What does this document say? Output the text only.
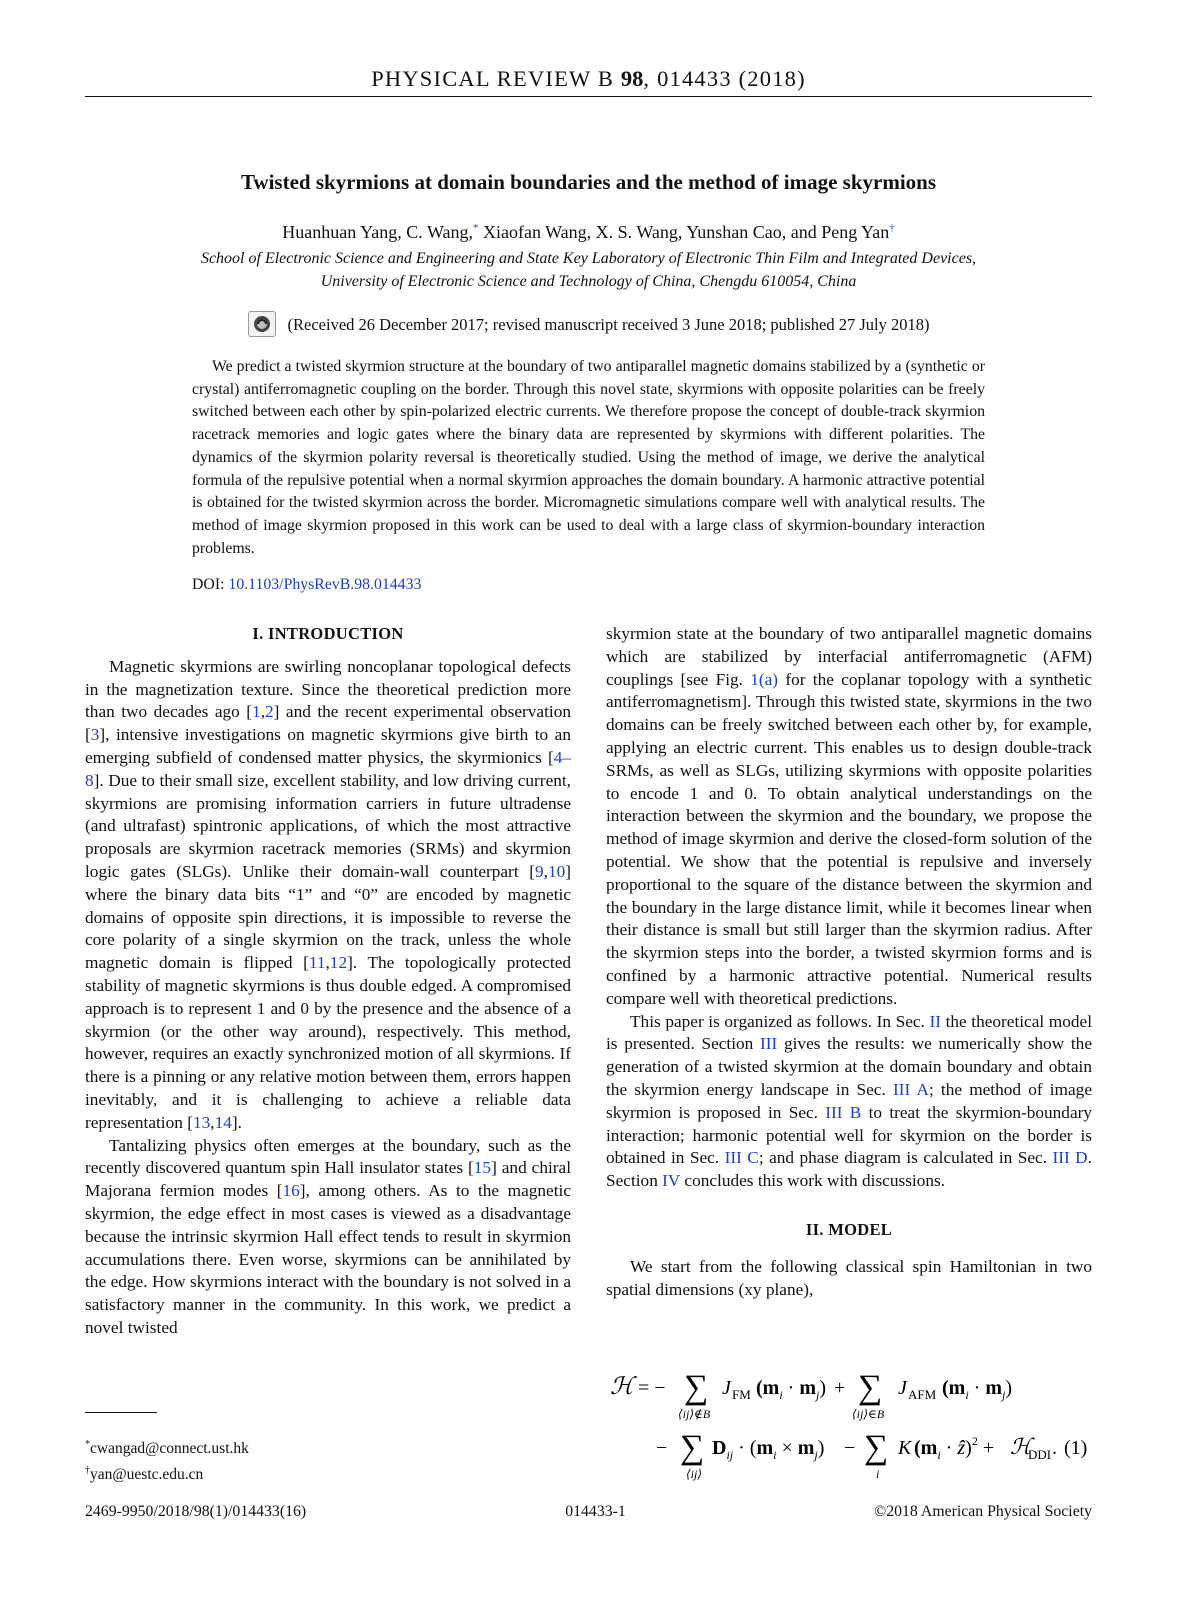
PHYSICAL REVIEW B 98, 014433 (2018)
Twisted skyrmions at domain boundaries and the method of image skyrmions
Huanhuan Yang, C. Wang,* Xiaofan Wang, X. S. Wang, Yunshan Cao, and Peng Yan†
School of Electronic Science and Engineering and State Key Laboratory of Electronic Thin Film and Integrated Devices,
University of Electronic Science and Technology of China, Chengdu 610054, China
(Received 26 December 2017; revised manuscript received 3 June 2018; published 27 July 2018)
We predict a twisted skyrmion structure at the boundary of two antiparallel magnetic domains stabilized by a (synthetic or crystal) antiferromagnetic coupling on the border. Through this novel state, skyrmions with opposite polarities can be freely switched between each other by spin-polarized electric currents. We therefore propose the concept of double-track skyrmion racetrack memories and logic gates where the binary data are represented by skyrmions with different polarities. The dynamics of the skyrmion polarity reversal is theoretically studied. Using the method of image, we derive the analytical formula of the repulsive potential when a normal skyrmion approaches the domain boundary. A harmonic attractive potential is obtained for the twisted skyrmion across the border. Micromagnetic simulations compare well with analytical results. The method of image skyrmion proposed in this work can be used to deal with a large class of skyrmion-boundary interaction problems.
DOI: 10.1103/PhysRevB.98.014433
I. INTRODUCTION

Magnetic skyrmions are swirling noncoplanar topological defects in the magnetization texture. Since the theoretical prediction more than two decades ago [1,2] and the recent experimental observation [3], intensive investigations on magnetic skyrmions give birth to an emerging subfield of condensed matter physics, the skyrmionics [4–8]. Due to their small size, excellent stability, and low driving current, skyrmions are promising information carriers in future ultradense (and ultrafast) spintronic applications, of which the most attractive proposals are skyrmion racetrack memories (SRMs) and skyrmion logic gates (SLGs). Unlike their domain-wall counterpart [9,10] where the binary data bits “1” and “0” are encoded by magnetic domains of opposite spin directions, it is impossible to reverse the core polarity of a single skyrmion on the track, unless the whole magnetic domain is flipped [11,12]. The topologically protected stability of magnetic skyrmions is thus double edged. A compromised approach is to represent 1 and 0 by the presence and the absence of a skyrmion (or the other way around), respectively. This method, however, requires an exactly synchronized motion of all skyrmions. If there is a pinning or any relative motion between them, errors happen inevitably, and it is challenging to achieve a reliable data representation [13,14].

Tantalizing physics often emerges at the boundary, such as the recently discovered quantum spin Hall insulator states [15] and chiral Majorana fermion modes [16], among others. As to the magnetic skyrmion, the edge effect in most cases is viewed as a disadvantage because the intrinsic skyrmion Hall effect tends to result in skyrmion accumulations there. Even worse, skyrmions can be annihilated by the edge. How skyrmions interact with the boundary is not solved in a satisfactory manner in the community. In this work, we predict a novel twisted

skyrmion state at the boundary of two antiparallel magnetic domains which are stabilized by interfacial antiferromagnetic (AFM) couplings [see Fig. 1(a) for the coplanar topology with a synthetic antiferromagnetism]. Through this twisted state, skyrmions in the two domains can be freely switched between each other by, for example, applying an electric current. This enables us to design double-track SRMs, as well as SLGs, utilizing skyrmions with opposite polarities to encode 1 and 0. To obtain analytical understandings on the interaction between the skyrmion and the boundary, we propose the method of image skyrmion and derive the closed-form solution of the potential. We show that the potential is repulsive and inversely proportional to the square of the distance between the skyrmion and the boundary in the large distance limit, while it becomes linear when their distance is small but still larger than the skyrmion radius. After the skyrmion steps into the border, a twisted skyrmion forms and is confined by a harmonic attractive potential. Numerical results compare well with theoretical predictions.

This paper is organized as follows. In Sec. II the theoretical model is presented. Section III gives the results: we numerically show the generation of a twisted skyrmion at the domain boundary and obtain the skyrmion energy landscape in Sec. III A; the method of image skyrmion is proposed in Sec. III B to treat the skyrmion-boundary interaction; harmonic potential well for skyrmion on the border is obtained in Sec. III C; and phase diagram is calculated in Sec. III D. Section IV concludes this work with discussions.

II. MODEL

We start from the following classical spin Hamiltonian in two spatial dimensions (xy plane),

ℋ = − ∑
⟨ij⟩∉B
J FM $(m_i \cdot m_j)$ + ∑
⟨ij⟩∈B
J AFM $(m_i \cdot m_j)$
− ∑
⟨ij⟩
$D_{ij} \cdot (m_i \times m_j)$ − ∑
i
K ($m_i$ · ẑ)$^2$ + ℋ
DDI . (1)
*cwangad@connect.ust.hk
†yan@uestc.edu.cn
2469-9950/2018/98(1)/014433(16)	014433-1	©2018 American Physical Society
